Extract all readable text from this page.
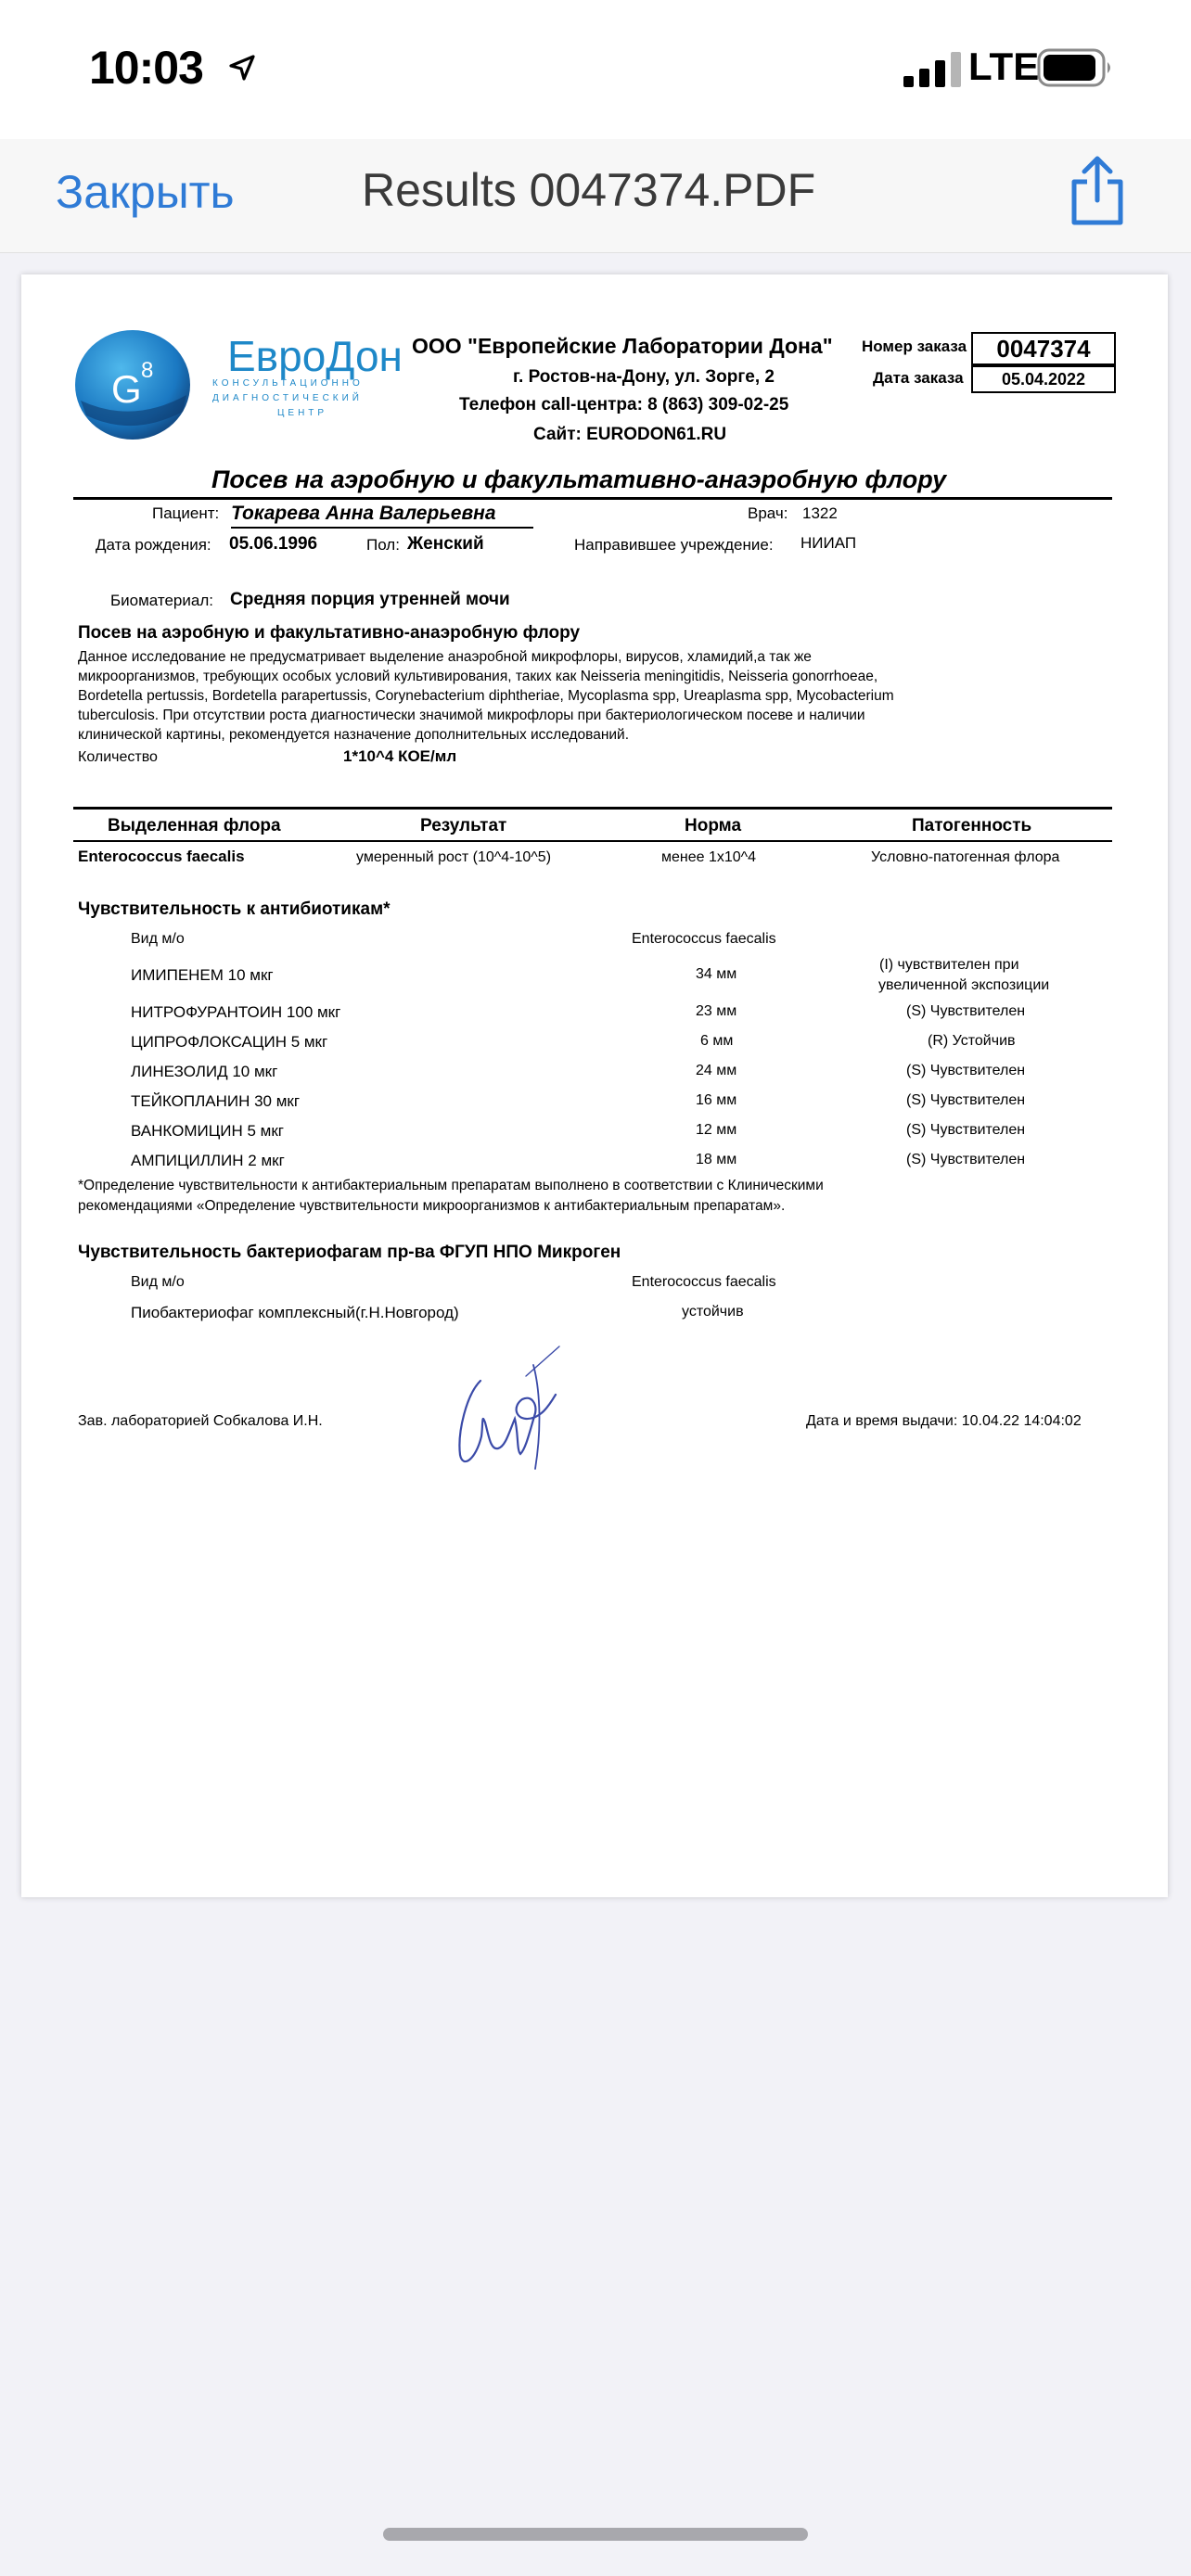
10:03	LTE
Закрыть	Results 0047374.PDF
G 8 ЕвроДон
КОНСУЛЬТАЦИОННО
ДИАГНОСТИЧЕСКИЙ
ЦЕНТР
ООО "Европейские Лаборатории Дона"
г. Ростов-на-Дону, ул. Зорге, 2
Телефон call-центра: 8 (863) 309-02-25
Сайт: EURODON61.RU
Номер заказа	0047374
Дата заказа	05.04.2022
Посев на аэробную и факультативно-анаэробную флору
Пациент: Токарева Анна Валерьевна	Врач: 1322
Дата рождения: 05.06.1996	Пол: Женский	Направившее учреждение: НИИАП
Биоматериал: Средняя порция утренней мочи
Посев на аэробную и факультативно-анаэробную флору
Данное исследование не предусматривает выделение анаэробной микрофлоры, вирусов, хламидий,а так же
микроорганизмов, требующих особых условий культивирования, таких как Neisseria meningitidis, Neisseria gonorrhoeae,
Bordetella pertussis, Bordetella parapertussis, Corynebacterium diphtheriae, Mycoplasma spp, Ureaplasma spp, Mycobacterium
tuberculosis. При отсутствии роста диагностически значимой микрофлоры при бактериологическом посеве и наличии
клинической картины, рекомендуется назначение дополнительных исследований.
Количество	1*10^4 КОЕ/мл
Выделенная флора	Результат	Норма	Патогенность
Enterococcus faecalis	умеренный рост (10^4-10^5)	менее 1х10^4	Условно-патогенная флора
Чувствительность к антибиотикам*
Вид м/о	Enterococcus faecalis
ИМИПЕНЕМ 10 мкг	34 мм
(I) чувствителен при
увеличенной экспозиции
НИТРОФУРАНТОИН 100 мкг	23 мм	(S) Чувствителен
ЦИПРОФЛОКСАЦИН 5 мкг	6 мм	(R) Устойчив
ЛИНЕЗОЛИД 10 мкг	24 мм	(S) Чувствителен
ТЕЙКОПЛАНИН 30 мкг	16 мм	(S) Чувствителен
ВАНКОМИЦИН 5 мкг	12 мм	(S) Чувствителен
АМПИЦИЛЛИН 2 мкг	18 мм	(S) Чувствителен
*Определение чувствительности к антибактериальным препаратам выполнено в соответствии с Клиническими
рекомендациями «Определение чувствительности микроорганизмов к антибактериальным препаратам».
Чувствительность бактериофагам пр-ва ФГУП НПО Микроген
Вид м/о	Enterococcus faecalis
Пиобактериофаг комплексный(г.Н.Новгород)	устойчив
Зав. лабораторией Собкалова И.Н.	Дата и время выдачи: 10.04.22 14:04:02
